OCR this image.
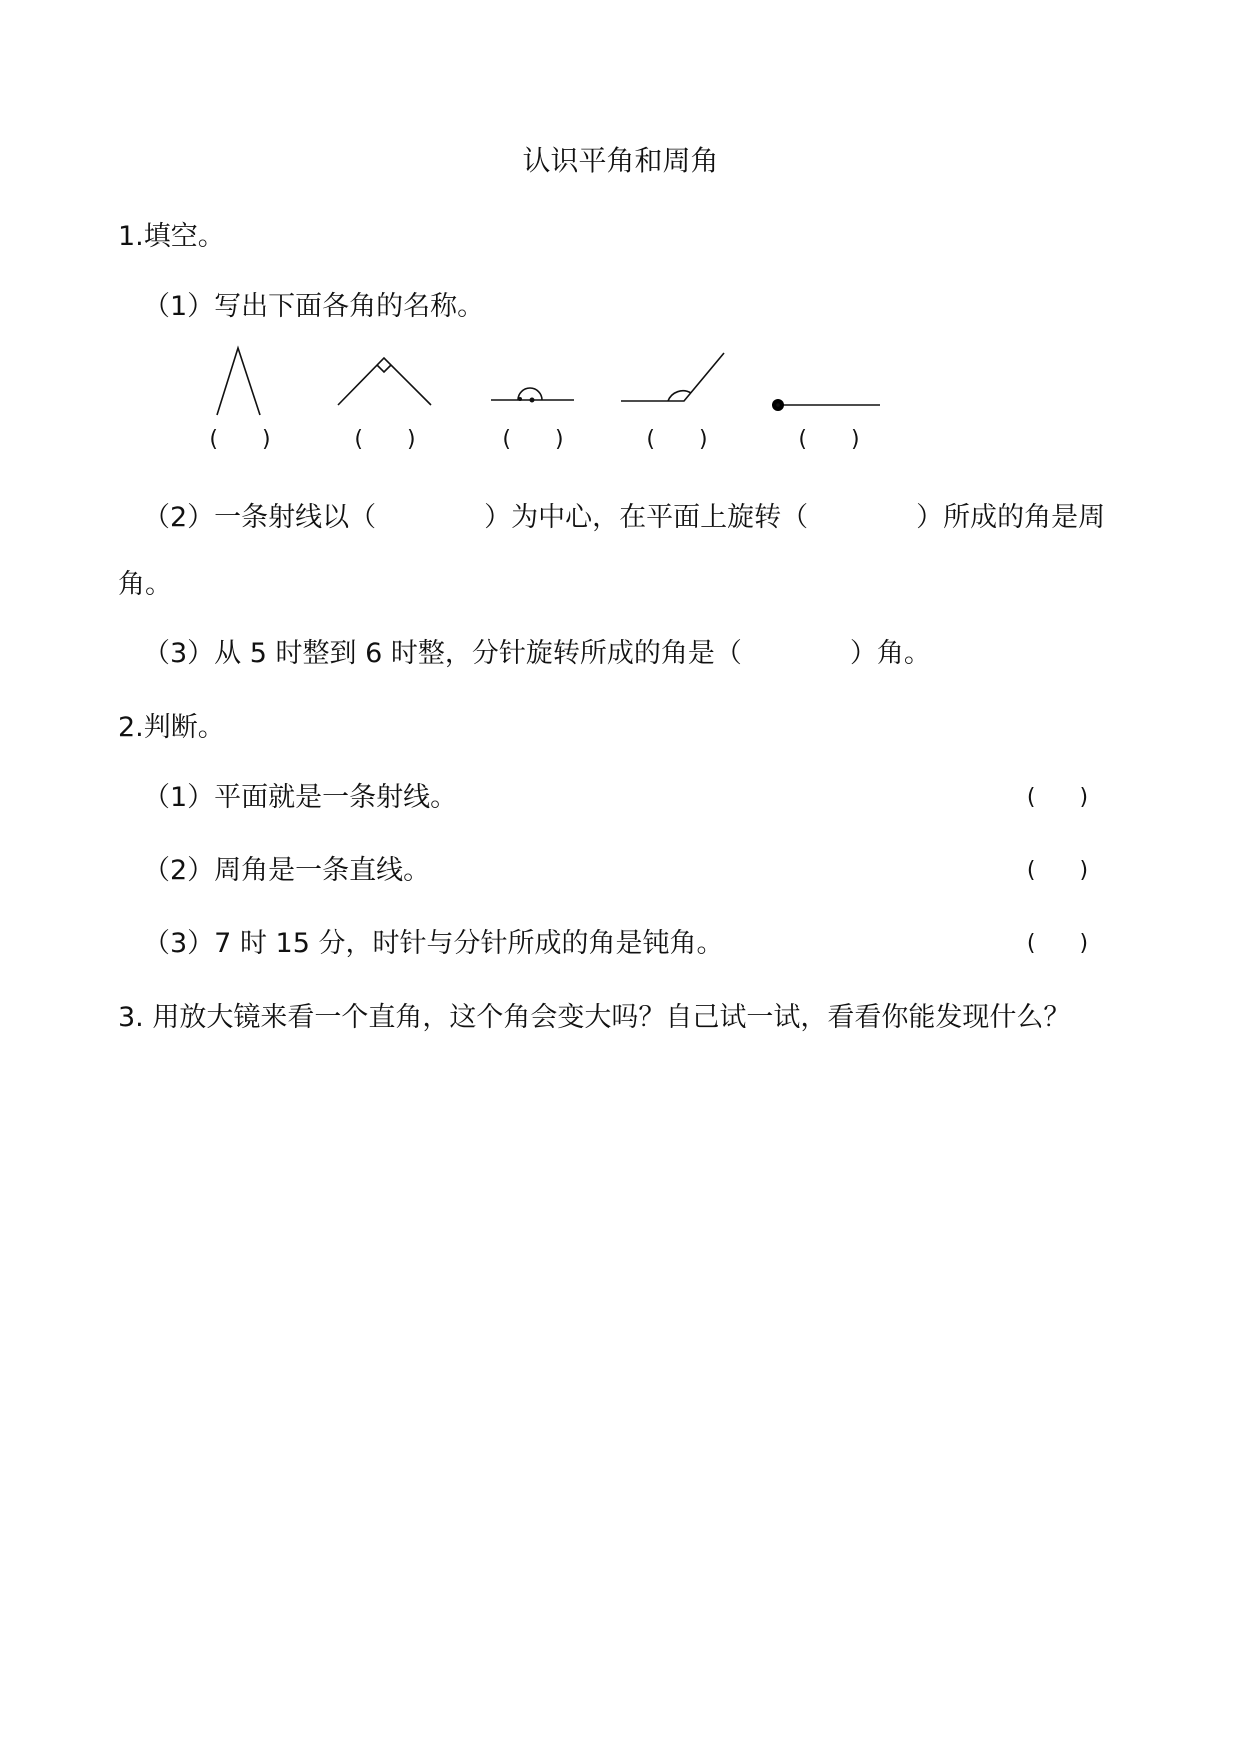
认识平角和周角
1.填空。
（1）写出下面各角的名称。
(　　)	(　　)	(　　)	(　　)	(　　)
（2）一条射线以（　　　　）为中心，在平面上旋转（　　　　）所成的角是周
角。
（3）从 5 时整到 6 时整，分针旋转所成的角是（　　　　）角。
2.判断。
（1）平面就是一条射线。	(　　)
（2）周角是一条直线。	(　　)
（3）7 时 15 分，时针与分针所成的角是钝角。	(　　)
3. 用放大镜来看一个直角，这个角会变大吗？自己试一试，看看你能发现什么？
